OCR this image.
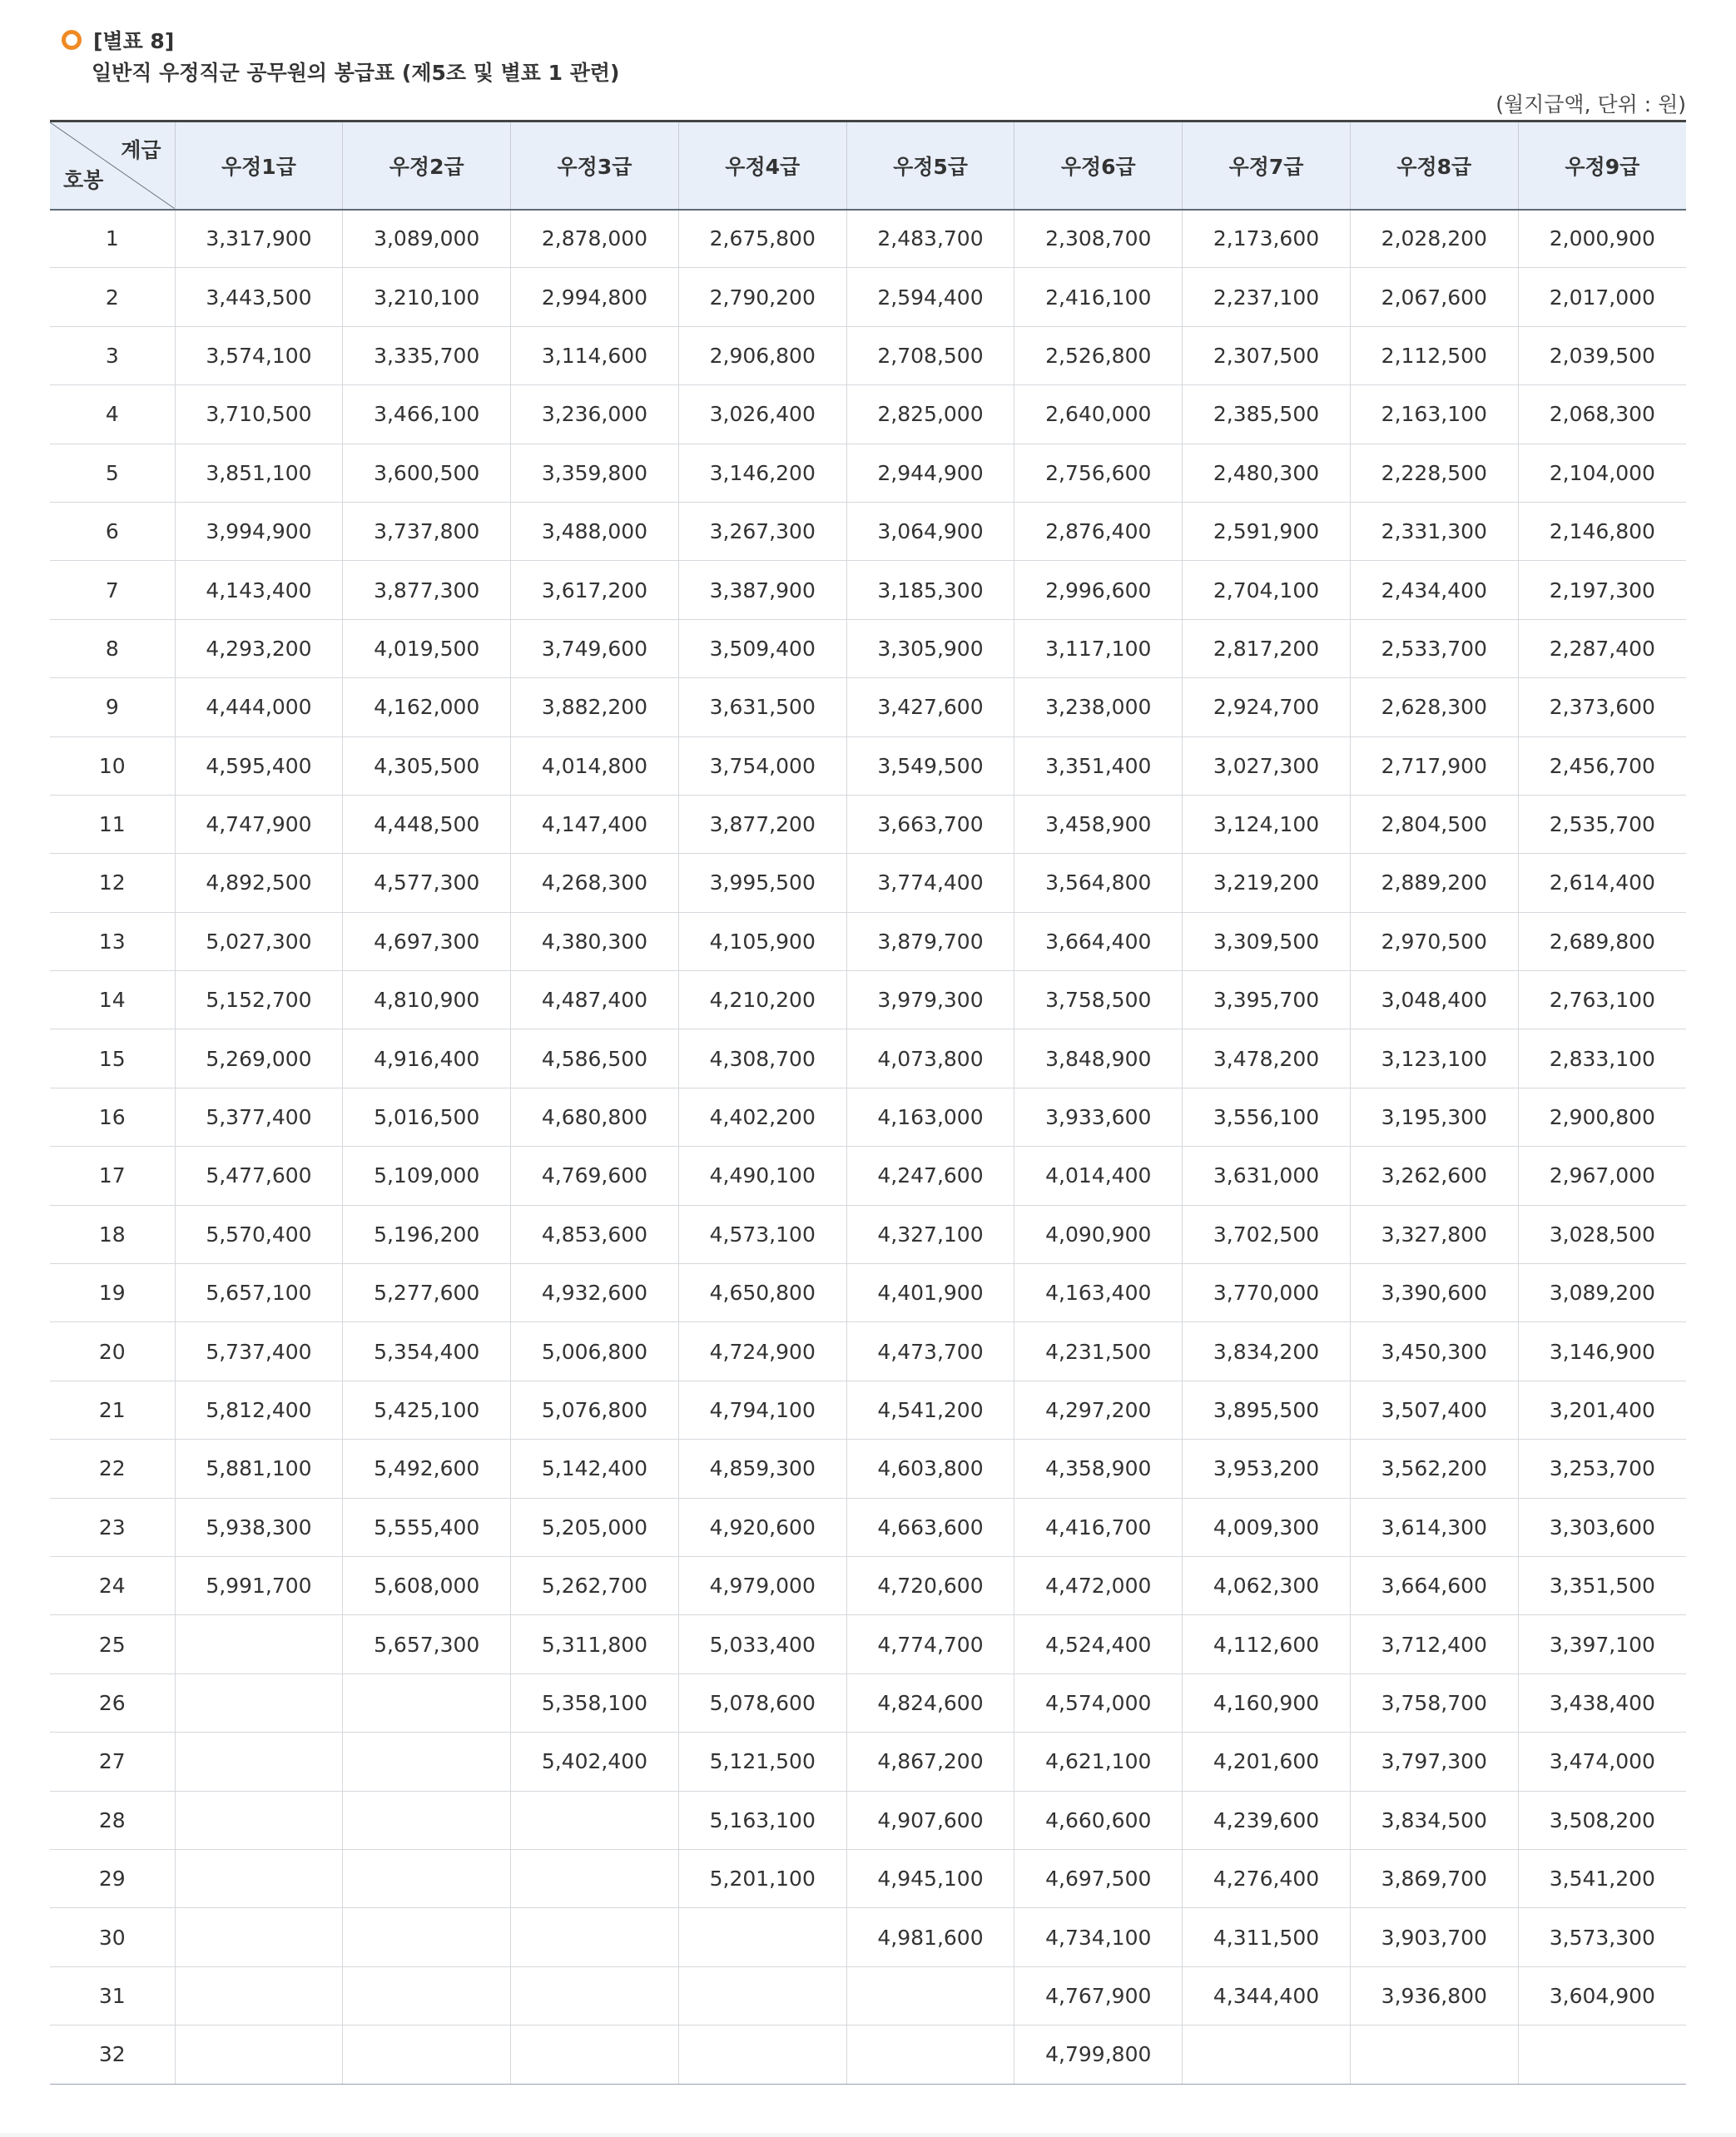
[별표 8]
일반직 우정직군 공무원의 봉급표 (제5조 및 별표 1 관련)
(월지급액, 단위 : 원)
계급
호봉	우정1급	우정2급	우정3급	우정4급	우정5급	우정6급	우정7급	우정8급	우정9급
1	3,317,900	3,089,000	2,878,000	2,675,800	2,483,700	2,308,700	2,173,600	2,028,200	2,000,900
2	3,443,500	3,210,100	2,994,800	2,790,200	2,594,400	2,416,100	2,237,100	2,067,600	2,017,000
3	3,574,100	3,335,700	3,114,600	2,906,800	2,708,500	2,526,800	2,307,500	2,112,500	2,039,500
4	3,710,500	3,466,100	3,236,000	3,026,400	2,825,000	2,640,000	2,385,500	2,163,100	2,068,300
5	3,851,100	3,600,500	3,359,800	3,146,200	2,944,900	2,756,600	2,480,300	2,228,500	2,104,000
6	3,994,900	3,737,800	3,488,000	3,267,300	3,064,900	2,876,400	2,591,900	2,331,300	2,146,800
7	4,143,400	3,877,300	3,617,200	3,387,900	3,185,300	2,996,600	2,704,100	2,434,400	2,197,300
8	4,293,200	4,019,500	3,749,600	3,509,400	3,305,900	3,117,100	2,817,200	2,533,700	2,287,400
9	4,444,000	4,162,000	3,882,200	3,631,500	3,427,600	3,238,000	2,924,700	2,628,300	2,373,600
10	4,595,400	4,305,500	4,014,800	3,754,000	3,549,500	3,351,400	3,027,300	2,717,900	2,456,700
11	4,747,900	4,448,500	4,147,400	3,877,200	3,663,700	3,458,900	3,124,100	2,804,500	2,535,700
12	4,892,500	4,577,300	4,268,300	3,995,500	3,774,400	3,564,800	3,219,200	2,889,200	2,614,400
13	5,027,300	4,697,300	4,380,300	4,105,900	3,879,700	3,664,400	3,309,500	2,970,500	2,689,800
14	5,152,700	4,810,900	4,487,400	4,210,200	3,979,300	3,758,500	3,395,700	3,048,400	2,763,100
15	5,269,000	4,916,400	4,586,500	4,308,700	4,073,800	3,848,900	3,478,200	3,123,100	2,833,100
16	5,377,400	5,016,500	4,680,800	4,402,200	4,163,000	3,933,600	3,556,100	3,195,300	2,900,800
17	5,477,600	5,109,000	4,769,600	4,490,100	4,247,600	4,014,400	3,631,000	3,262,600	2,967,000
18	5,570,400	5,196,200	4,853,600	4,573,100	4,327,100	4,090,900	3,702,500	3,327,800	3,028,500
19	5,657,100	5,277,600	4,932,600	4,650,800	4,401,900	4,163,400	3,770,000	3,390,600	3,089,200
20	5,737,400	5,354,400	5,006,800	4,724,900	4,473,700	4,231,500	3,834,200	3,450,300	3,146,900
21	5,812,400	5,425,100	5,076,800	4,794,100	4,541,200	4,297,200	3,895,500	3,507,400	3,201,400
22	5,881,100	5,492,600	5,142,400	4,859,300	4,603,800	4,358,900	3,953,200	3,562,200	3,253,700
23	5,938,300	5,555,400	5,205,000	4,920,600	4,663,600	4,416,700	4,009,300	3,614,300	3,303,600
24	5,991,700	5,608,000	5,262,700	4,979,000	4,720,600	4,472,000	4,062,300	3,664,600	3,351,500
25		5,657,300	5,311,800	5,033,400	4,774,700	4,524,400	4,112,600	3,712,400	3,397,100
26			5,358,100	5,078,600	4,824,600	4,574,000	4,160,900	3,758,700	3,438,400
27			5,402,400	5,121,500	4,867,200	4,621,100	4,201,600	3,797,300	3,474,000
28				5,163,100	4,907,600	4,660,600	4,239,600	3,834,500	3,508,200
29				5,201,100	4,945,100	4,697,500	4,276,400	3,869,700	3,541,200
30					4,981,600	4,734,100	4,311,500	3,903,700	3,573,300
31						4,767,900	4,344,400	3,936,800	3,604,900
32						4,799,800			
